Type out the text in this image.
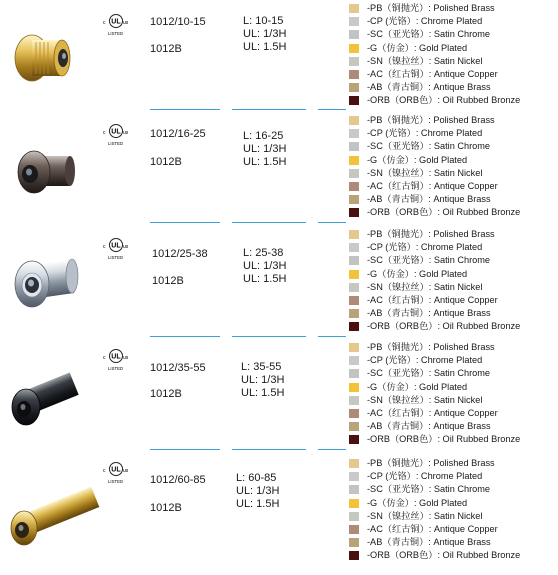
c UL us
LISTED
1012/10-15
1012B
L: 10-15
UL: 1/3H
UL: 1.5H
-PB（铜抛光）: Polished Brass
-CP (光铬）: Chrome Plated
-SC（亚光铬）: Satin Chrome
-G（仿金）: Gold Plated
-SN（镍拉丝）: Satin Nickel
-AC（红古铜）: Antique Copper
-AB（青古铜）: Antique Brass
-ORB（ORB色）: Oil Rubbed Bronze
c UL us
LISTED
1012/16-25
1012B
L: 16-25
UL: 1/3H
UL: 1.5H
-PB（铜抛光）: Polished Brass
-CP (光铬）: Chrome Plated
-SC（亚光铬）: Satin Chrome
-G（仿金）: Gold Plated
-SN（镍拉丝）: Satin Nickel
-AC（红古铜）: Antique Copper
-AB（青古铜）: Antique Brass
-ORB（ORB色）: Oil Rubbed Bronze
c UL us
LISTED	1012/25-38
1012B
L: 25-38
UL: 1/3H
UL: 1.5H
-PB（铜抛光）: Polished Brass
-CP (光铬）: Chrome Plated
-SC（亚光铬）: Satin Chrome
-G（仿金）: Gold Plated
-SN（镍拉丝）: Satin Nickel
-AC（红古铜）: Antique Copper
-AB（青古铜）: Antique Brass
-ORB（ORB色）: Oil Rubbed Bronze
c UL us
LISTED 1012/35-55
1012B
L: 35-55
UL: 1/3H
UL: 1.5H
-PB（铜抛光）: Polished Brass
-CP (光铬）: Chrome Plated
-SC（亚光铬）: Satin Chrome
-G（仿金）: Gold Plated
-SN（镍拉丝）: Satin Nickel
-AC（红古铜）: Antique Copper
-AB（青古铜）: Antique Brass
-ORB（ORB色）: Oil Rubbed Bronze
c UL us
LISTED 1012/60-85
1012B
L: 60-85
UL: 1/3H
UL: 1.5H
-PB（铜抛光）: Polished Brass
-CP (光铬）: Chrome Plated
-SC（亚光铬）: Satin Chrome
-G（仿金）: Gold Plated
-SN（镍拉丝）: Satin Nickel
-AC（红古铜）: Antique Copper
-AB（青古铜）: Antique Brass
-ORB（ORB色）: Oil Rubbed Bronze
